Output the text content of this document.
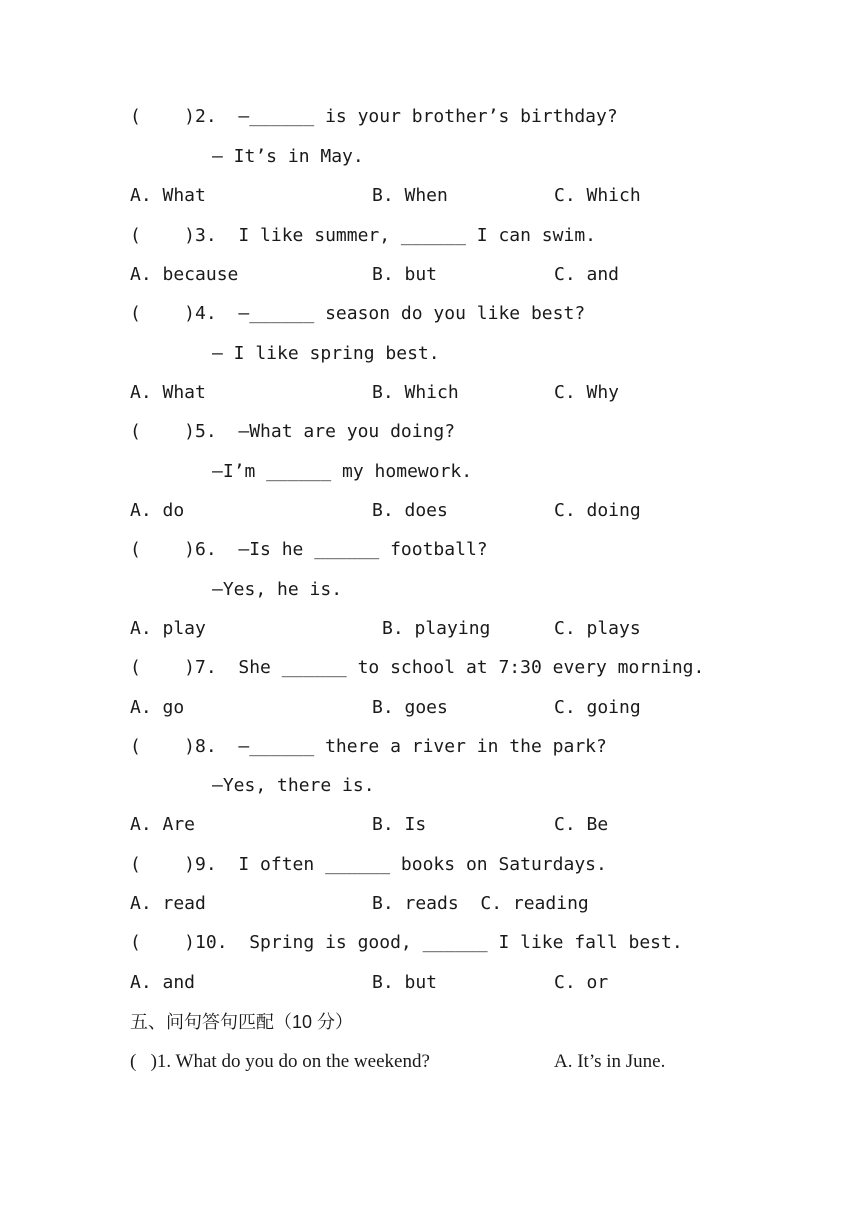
(    )2.  —______ is your brother’s birthday?
— It’s in May.
A. What	B. When	C. Which
(    )3.  I like summer, ______ I can swim.
A. because	B. but	C. and
(    )4.  —______ season do you like best?
— I like spring best.
A. What	B. Which	C. Why
(    )5.  —What are you doing?
—I’m ______ my homework.
A. do	B. does	C. doing
(    )6.  —Is he ______ football?
—Yes, he is.
A. play	B. playing	C. plays
(    )7.  She ______ to school at 7:30 every morning.
A. go	B. goes	C. going
(    )8.  —______ there a river in the park?
—Yes, there is.
A. Are	B. Is	C. Be
(    )9.  I often ______ books on Saturdays.
A. read	B. reads  C. reading
(    )10.  Spring is good, ______ I like fall best.
A. and	B. but	C. or
五、问句答句匹配（10 分）
(   )1. What do you do on the weekend?	A. It’s in June.
